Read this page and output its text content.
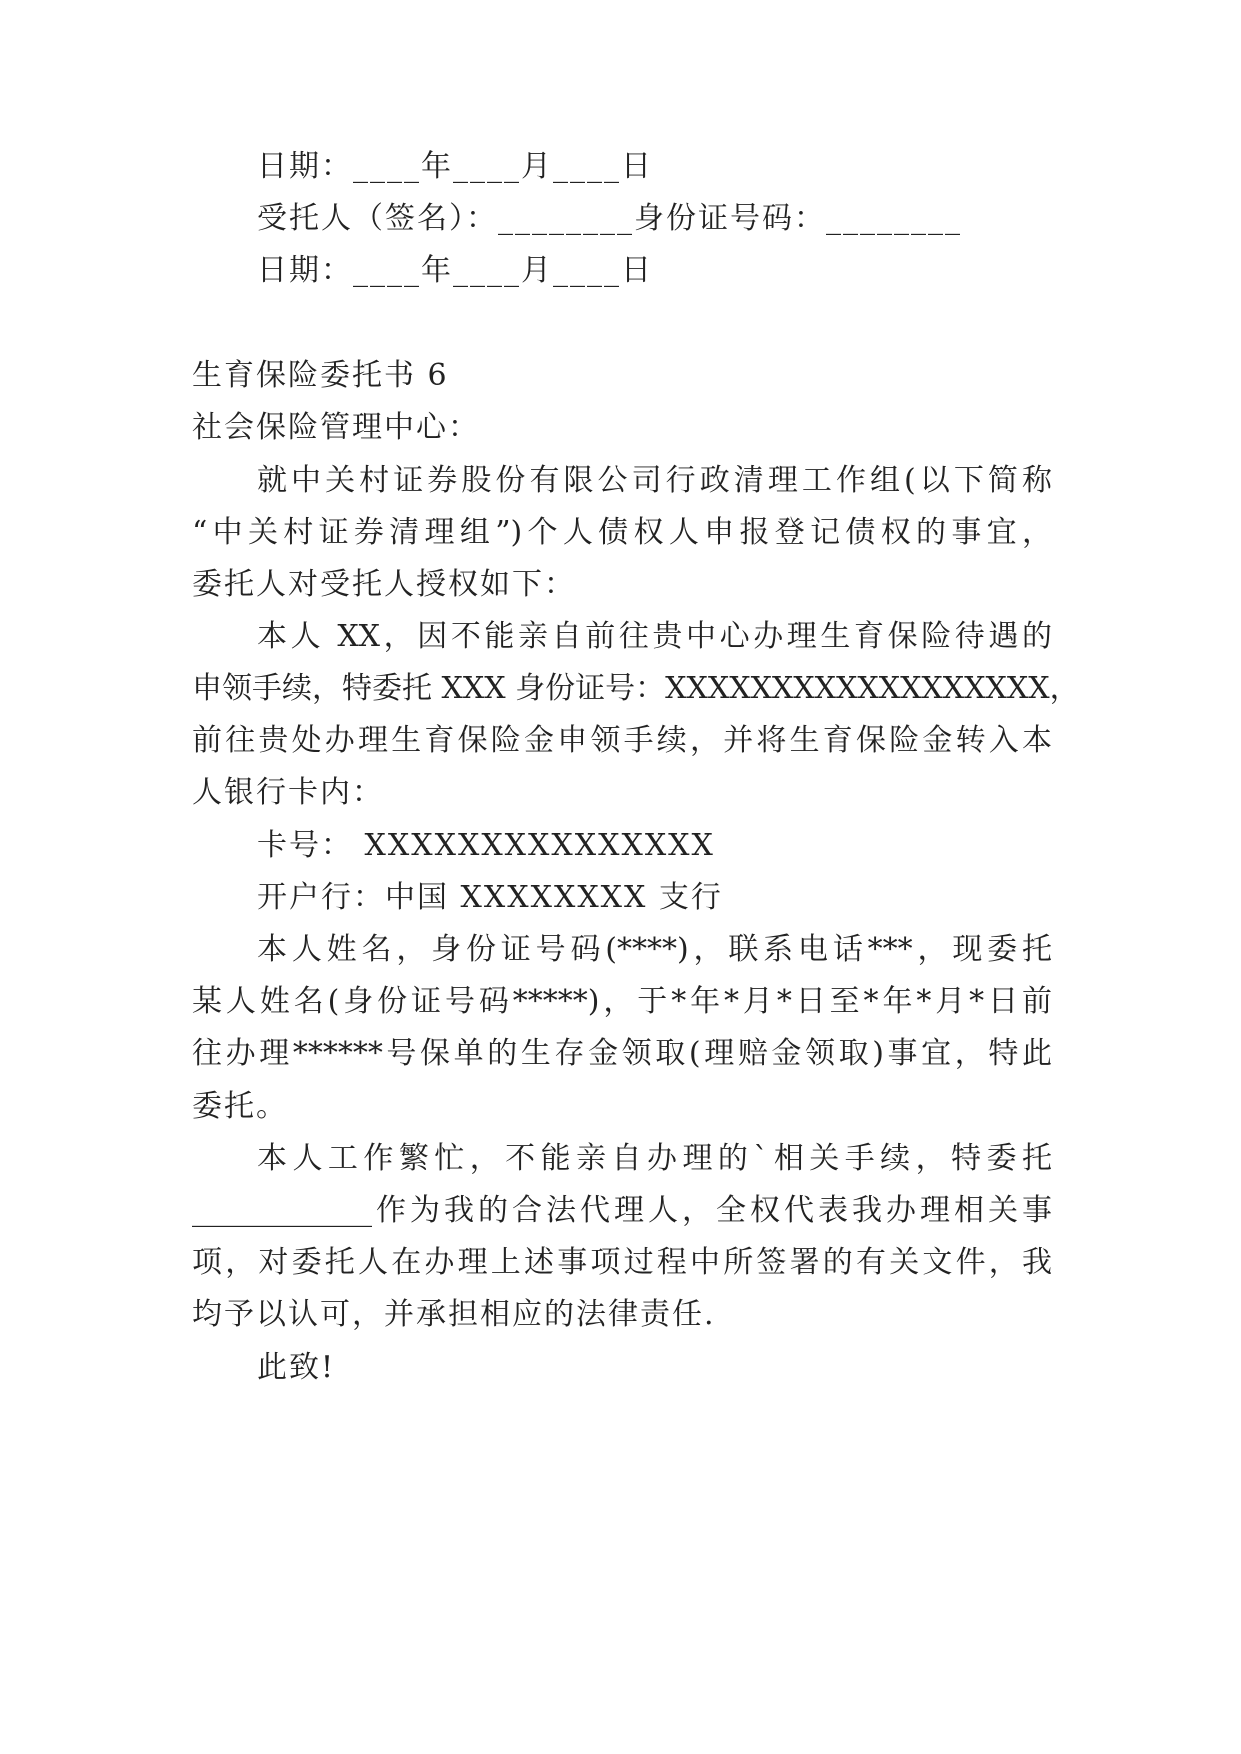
日期：____年____月____日
受托人（签名）：________身份证号码：________
日期：____年____月____日
生育保险委托书 6
社会保险管理中心：
就中关村证券股份有限公司行政清理工作组(以下简称
“中关村证券清理组”)个人债权人申报登记债权的事宜，
委托人对受托人授权如下：
本人 XX，因不能亲自前往贵中心办理生育保险待遇的
申领手续，特委托 XXX 身份证号：XXXXXXXXXXXXXXXXXX，
前往贵处办理生育保险金申领手续，并将生育保险金转入本
人银行卡内：
卡号： XXXXXXXXXXXXXXX
开户行：中国 XXXXXXXX 支行
本人姓名，身份证号码(****)，联系电话***，现委托
某人姓名(身份证号码*****)，于*年*月*日至*年*月*日前
往办理******号保单的生存金领取(理赔金领取)事宜，特此
委托。
本人工作繁忙，不能亲自办理的`相关手续，特委托
____________作为我的合法代理人，全权代表我办理相关事
项，对委托人在办理上述事项过程中所签署的有关文件，我
均予以认可，并承担相应的法律责任.
此致!
